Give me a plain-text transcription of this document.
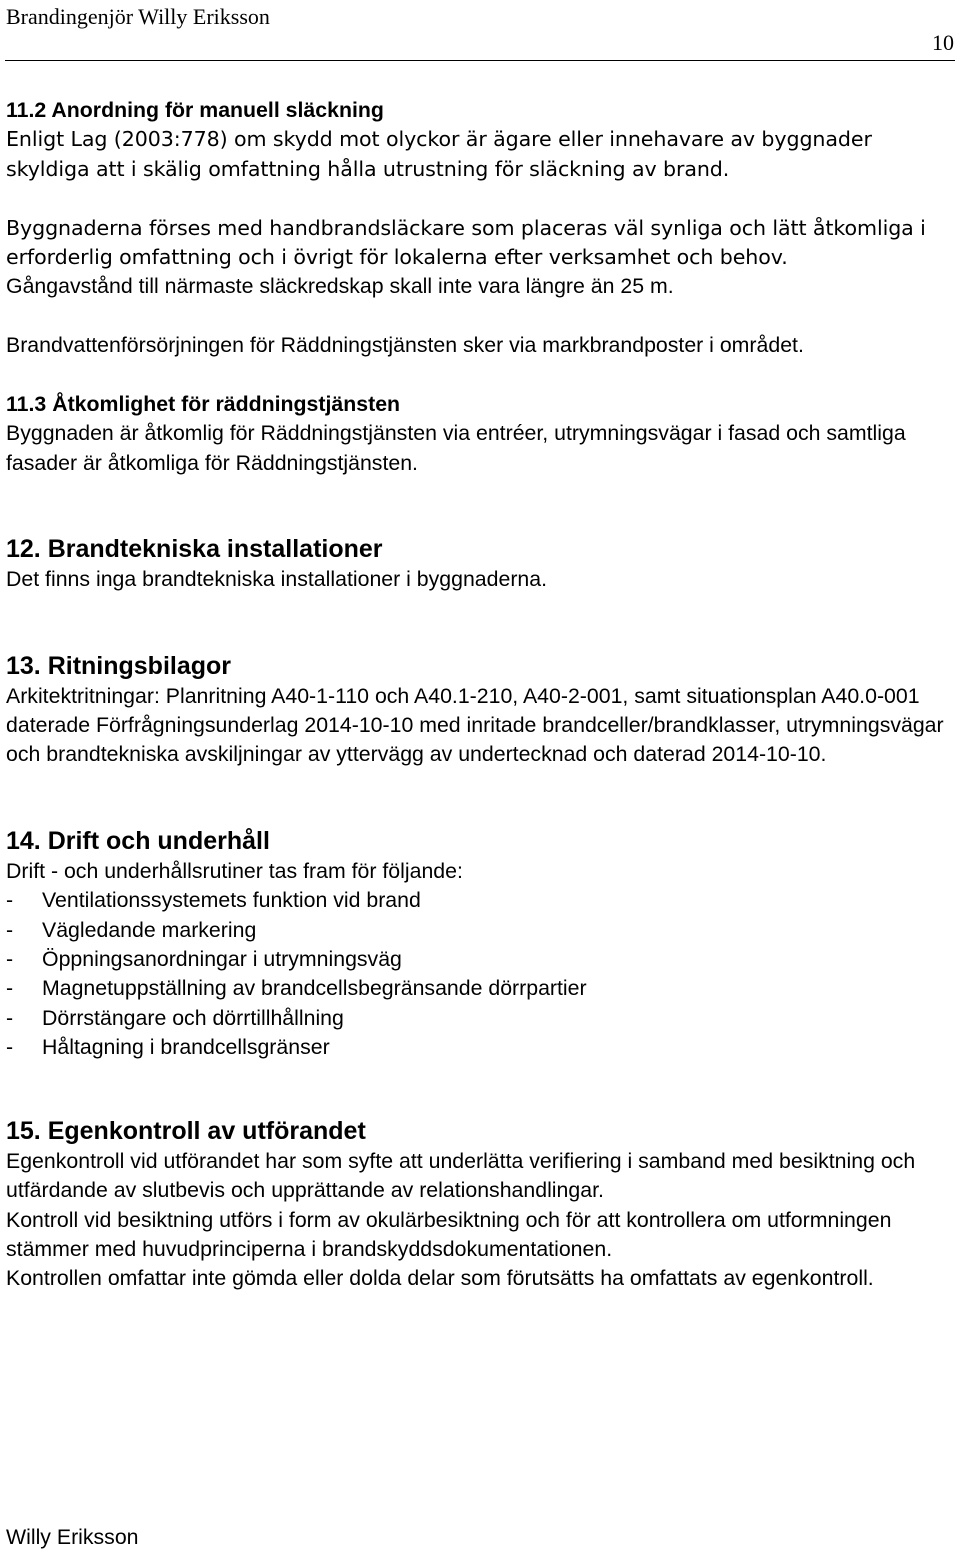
Brandingenjör Willy Eriksson
10

11.2 Anordning för manuell släckning

Enligt Lag (2003:778) om skydd mot olyckor är ägare eller innehavare av byggnader skyldiga att i skälig omfattning hålla utrustning för släckning av brand.

Byggnaderna förses med handbrandsläckare som placeras väl synliga och lätt åtkomliga i erforderlig omfattning och i övrigt för lokalerna efter verksamhet och behov.

Gångavstånd till närmaste släckredskap skall inte vara längre än 25 m.

Brandvattenförsörjningen för Räddningstjänsten sker via markbrandposter i området.

11.3 Åtkomlighet för räddningstjänsten

Byggnaden är åtkomlig för Räddningstjänsten via entréer, utrymningsvägar i fasad och samtliga fasader är åtkomliga för Räddningstjänsten.

12. Brandtekniska installationer

Det finns inga brandtekniska installationer i byggnaderna.

13. Ritningsbilagor

Arkitektritningar: Planritning A40-1-110 och A40.1-210, A40-2-001, samt situationsplan A40.0-001 daterade Förfrågningsunderlag 2014-10-10 med inritade brandceller/brandklasser, utrymningsvägar och brandtekniska avskiljningar av yttervägg av undertecknad och daterad 2014-10-10.

14. Drift och underhåll

Drift - och underhållsrutiner tas fram för följande:

-	Ventilationssystemets funktion vid brand
-	Vägledande markering
-	Öppningsanordningar i utrymningsväg
-	Magnetuppställning av brandcellsbegränsande dörrpartier
-	Dörrstängare och dörrtillhållning
-	Håltagning i brandcellsgränser

15. Egenkontroll av utförandet

Egenkontroll vid utförandet har som syfte att underlätta verifiering i samband med besiktning och utfärdande av slutbevis och upprättande av relationshandlingar.

Kontroll vid besiktning utförs i form av okulärbesiktning och för att kontrollera om utformningen stämmer med huvudprinciperna i brandskyddsdokumentationen.

Kontrollen omfattar inte gömda eller dolda delar som förutsätts ha omfattats av egenkontroll.

Willy Eriksson
